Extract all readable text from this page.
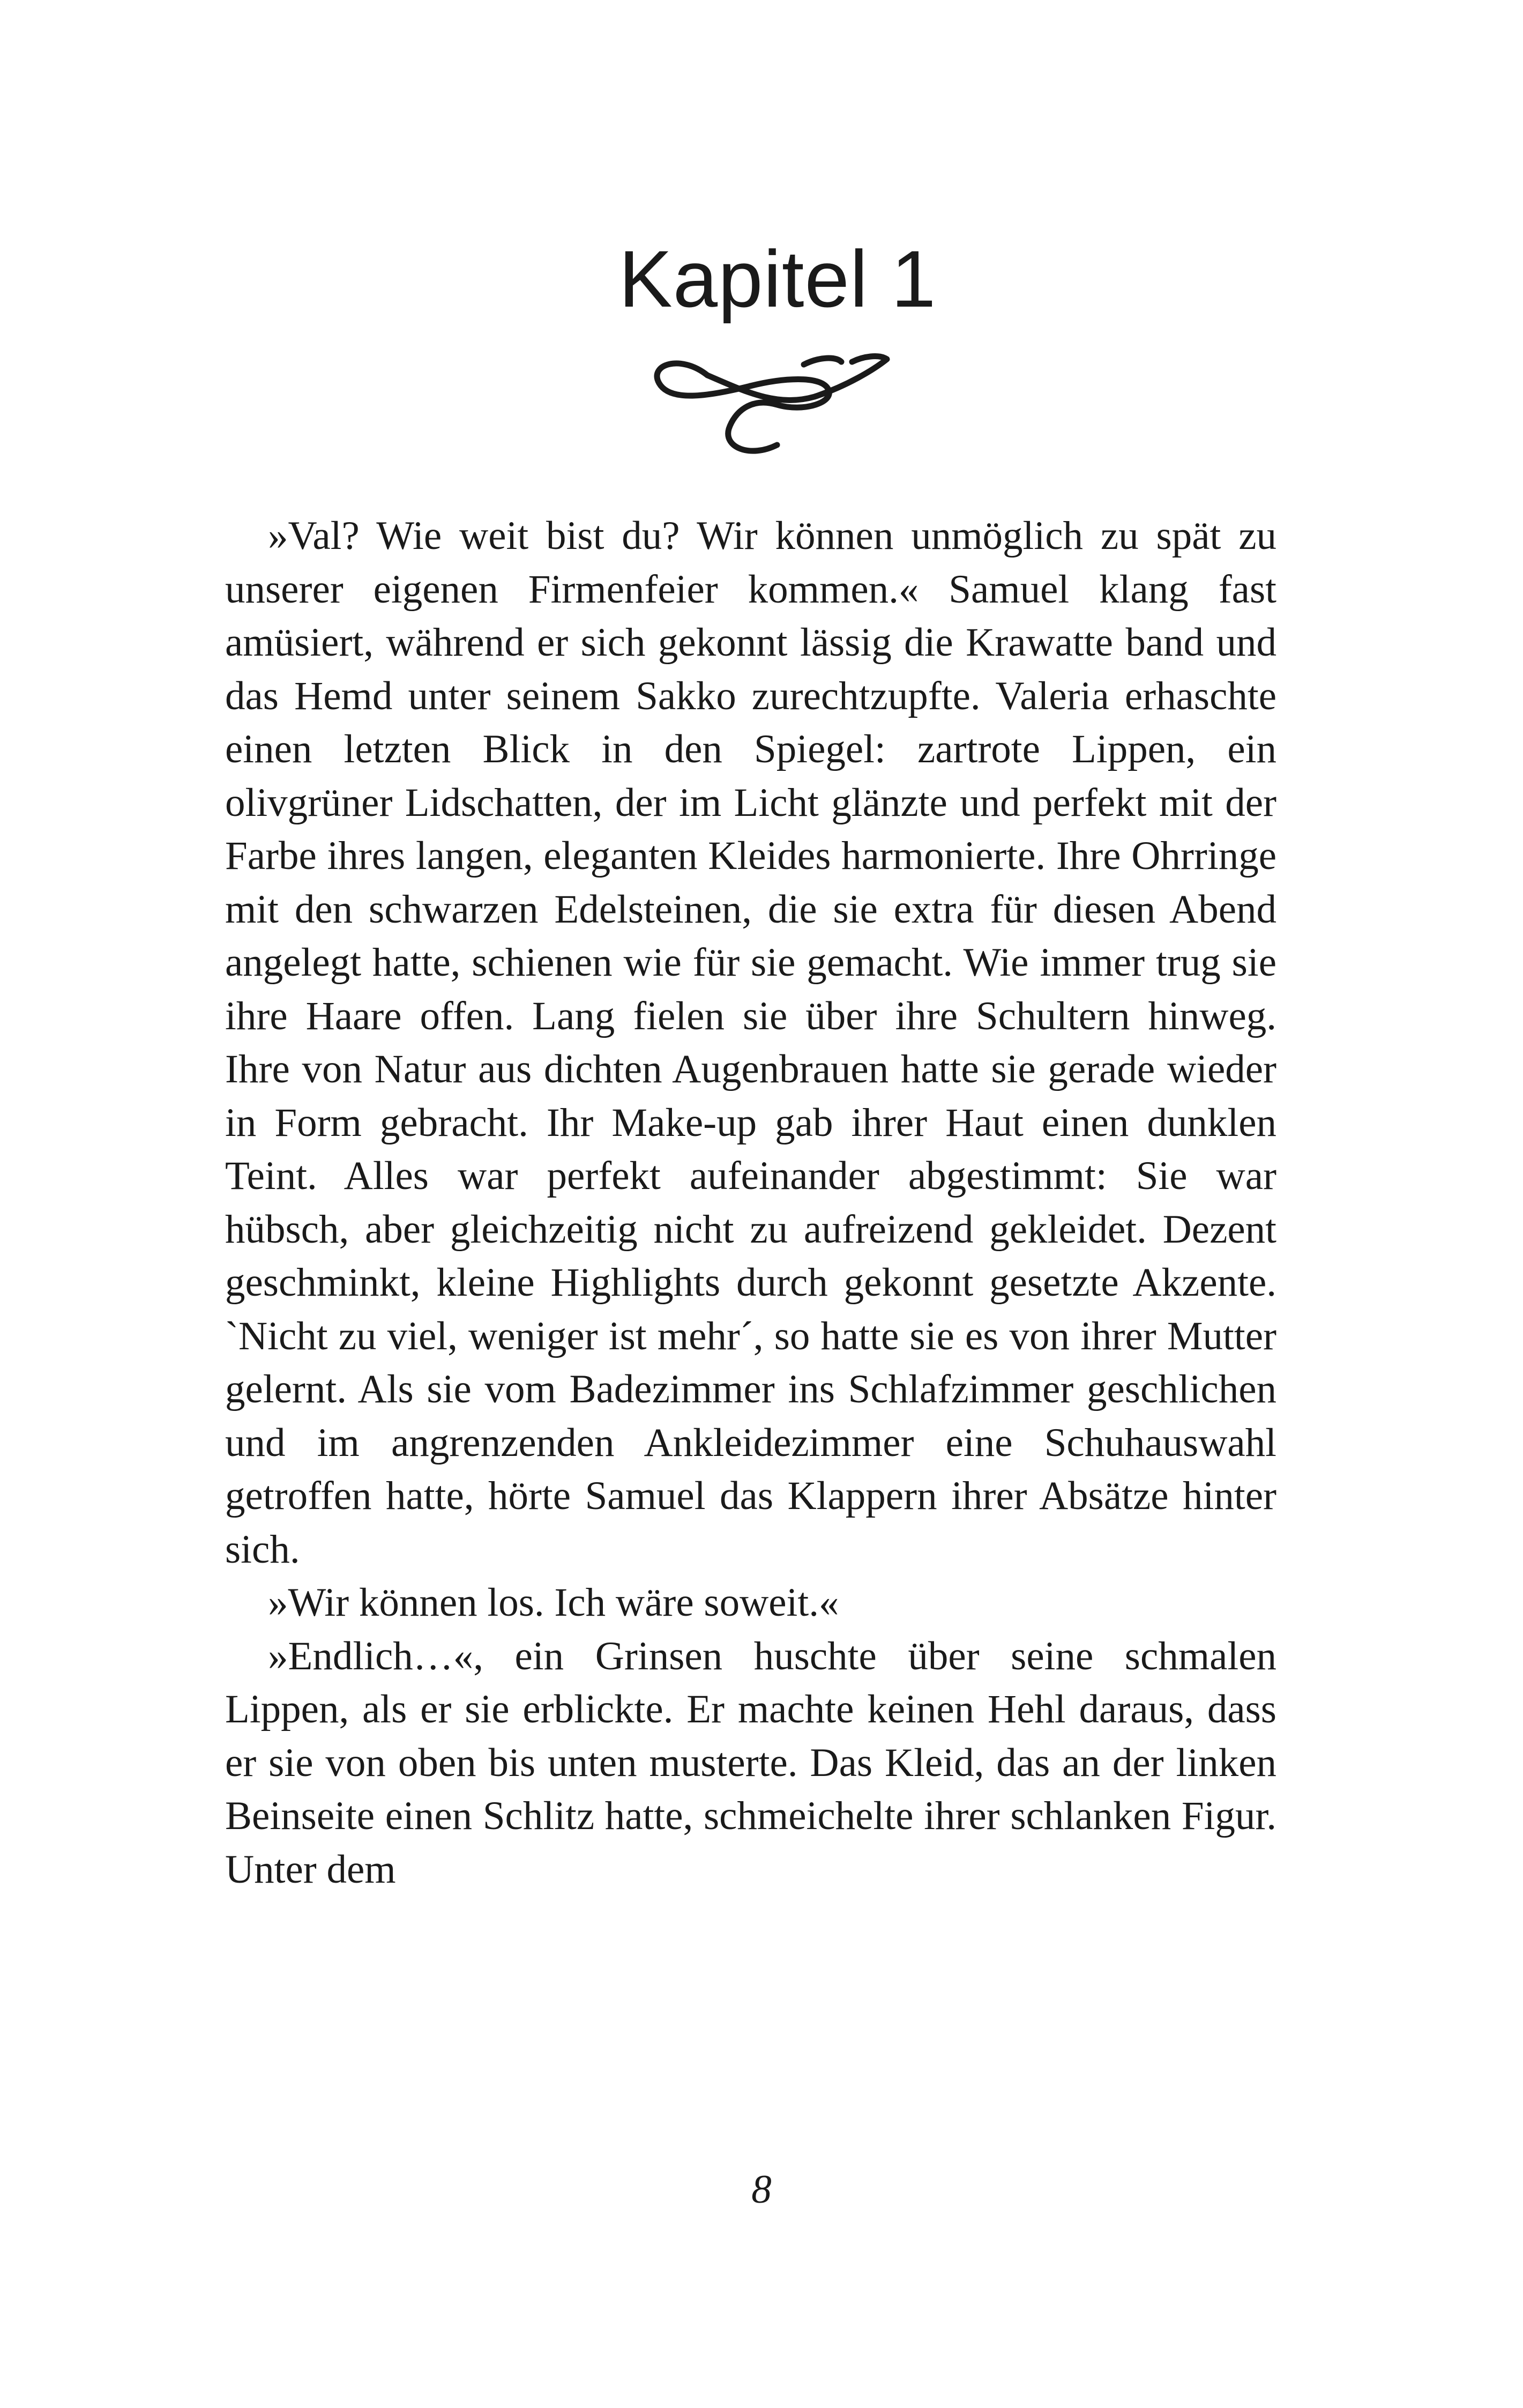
Kapitel 1

»Val? Wie weit bist du? Wir können unmöglich zu spät zu unserer eigenen Firmenfeier kommen.« Samuel klang fast amüsiert, während er sich gekonnt lässig die Krawatte band und das Hemd unter seinem Sakko zurechtzupfte. Valeria erhaschte einen letzten Blick in den Spiegel: zartrote Lippen, ein olivgrüner Lidschatten, der im Licht glänzte und perfekt mit der Farbe ihres langen, eleganten Kleides harmonierte. Ihre Ohrringe mit den schwarzen Edelsteinen, die sie extra für diesen Abend angelegt hatte, schienen wie für sie gemacht. Wie immer trug sie ihre Haare offen. Lang fielen sie über ihre Schultern hinweg. Ihre von Natur aus dichten Augenbrauen hatte sie gerade wieder in Form gebracht. Ihr Make-up gab ihrer Haut einen dunklen Teint. Alles war perfekt aufeinander abgestimmt: Sie war hübsch, aber gleichzeitig nicht zu aufreizend gekleidet. Dezent geschminkt, kleine Highlights durch gekonnt gesetzte Akzente. `Nicht zu viel, weniger ist mehr´, so hatte sie es von ihrer Mutter gelernt. Als sie vom Badezimmer ins Schlafzimmer geschlichen und im angrenzenden Ankleidezimmer eine Schuhauswahl getroffen hatte, hörte Samuel das Klappern ihrer Absätze hinter sich.

»Wir können los. Ich wäre soweit.«

»Endlich…«, ein Grinsen huschte über seine schmalen Lippen, als er sie erblickte. Er machte keinen Hehl daraus, dass er sie von oben bis unten musterte. Das Kleid, das an der linken Beinseite einen Schlitz hatte, schmeichelte ihrer schlanken Figur. Unter dem

8
